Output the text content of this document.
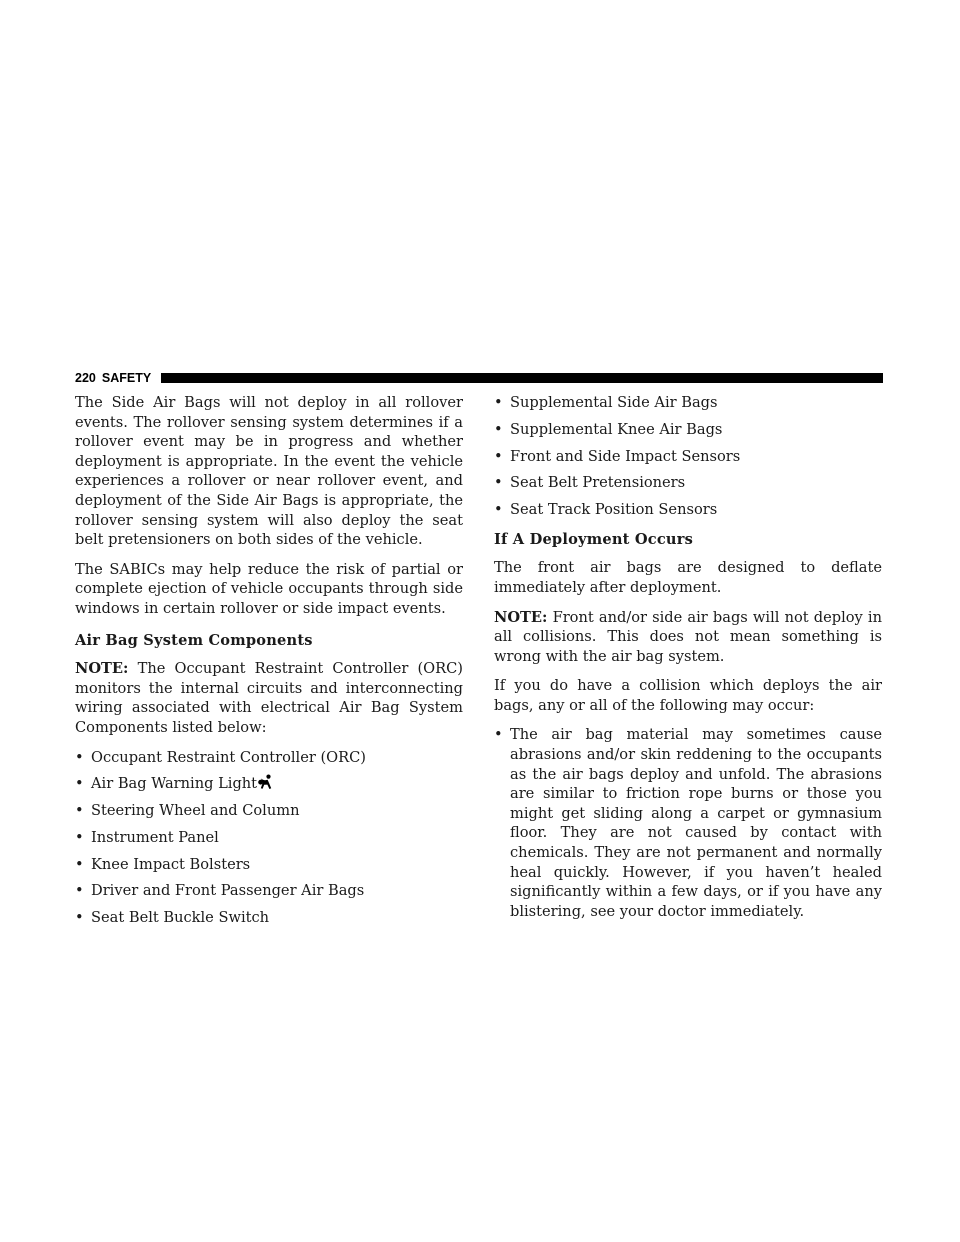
220 SAFETY

The Side Air Bags will not deploy in all rollover events. The rollover sensing system determines if a rollover event may be in progress and whether deployment is appropriate. In the event the vehicle experiences a rollover or near rollover event, and deployment of the Side Air Bags is appropriate, the rollover sensing system will also deploy the seat belt pretensioners on both sides of the vehicle.

The SABICs may help reduce the risk of partial or complete ejection of vehicle occupants through side windows in certain rollover or side impact events.

Air Bag System Components

NOTE: The Occupant Restraint Controller (ORC) monitors the internal circuits and interconnecting wiring associated with electrical Air Bag System Components listed below:

• Occupant Restraint Controller (ORC)
• Air Bag Warning Light
• Steering Wheel and Column
• Instrument Panel
• Knee Impact Bolsters
• Driver and Front Passenger Air Bags
• Seat Belt Buckle Switch
• Supplemental Side Air Bags
• Supplemental Knee Air Bags
• Front and Side Impact Sensors
• Seat Belt Pretensioners
• Seat Track Position Sensors
If A Deployment Occurs

The front air bags are designed to deflate immediately after deployment.

NOTE: Front and/or side air bags will not deploy in all collisions. This does not mean something is wrong with the air bag system.

If you do have a collision which deploys the air bags, any or all of the following may occur:

• The air bag material may sometimes cause abrasions and/or skin reddening to the occupants as the air bags deploy and unfold. The abrasions are similar to friction rope burns or those you might get sliding along a carpet or gymnasium floor. They are not caused by contact with chemicals. They are not permanent and normally heal quickly. However, if you haven’t healed significantly within a few days, or if you have any blistering, see your doctor immediately.
